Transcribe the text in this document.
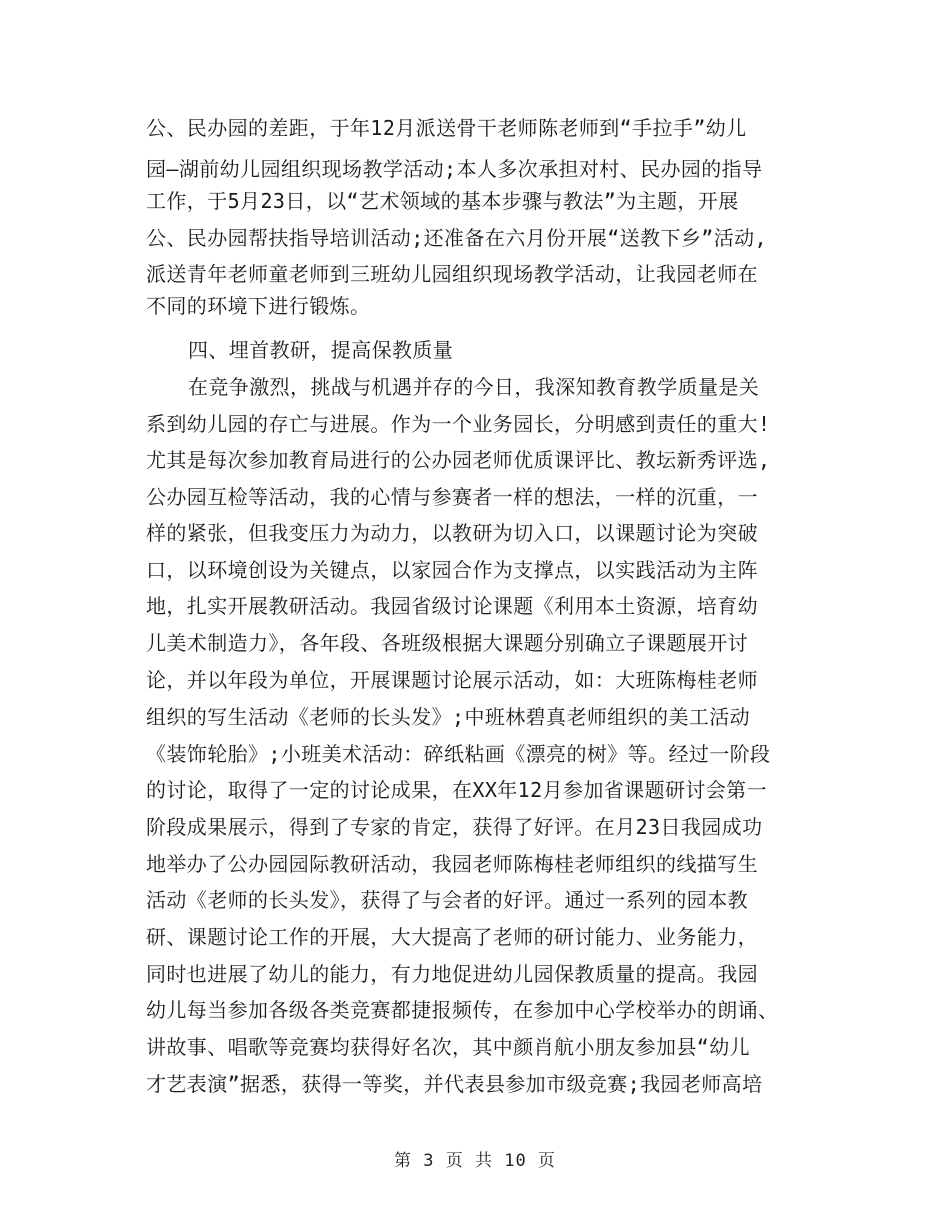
公、民办园的差距，于年12月派送骨干老师陈老师到“手拉手”幼儿
园—湖前幼儿园组织现场教学活动;本人多次承担对村、民办园的指导
工作，于5月23日，以“艺术领域的基本步骤与教法”为主题，开展
公、民办园帮扶指导培训活动;还准备在六月份开展“送教下乡”活动,
派送青年老师童老师到三班幼儿园组织现场教学活动，让我园老师在
不同的环境下进行锻炼。
四、埋首教研，提高保教质量
在竞争激烈，挑战与机遇并存的今日，我深知教育教学质量是关
系到幼儿园的存亡与进展。作为一个业务园长，分明感到责任的重大!
尤其是每次参加教育局进行的公办园老师优质课评比、教坛新秀评选,
公办园互检等活动，我的心情与参赛者一样的想法，一样的沉重，一
样的紧张，但我变压力为动力，以教研为切入口，以课题讨论为突破
口，以环境创设为关键点，以家园合作为支撑点，以实践活动为主阵
地，扎实开展教研活动。我园省级讨论课题《利用本土资源，培育幼
儿美术制造力》，各年段、各班级根据大课题分别确立子课题展开讨
论，并以年段为单位，开展课题讨论展示活动，如：大班陈梅桂老师
组织的写生活动《老师的长头发》;中班林碧真老师组织的美工活动
《装饰轮胎》;小班美术活动：碎纸粘画《漂亮的树》等。经过一阶段
的讨论，取得了一定的讨论成果，在XX年12月参加省课题研讨会第一
阶段成果展示，得到了专家的肯定，获得了好评。在月23日我园成功
地举办了公办园园际教研活动，我园老师陈梅桂老师组织的线描写生
活动《老师的长头发》，获得了与会者的好评。通过一系列的园本教
研、课题讨论工作的开展，大大提高了老师的研讨能力、业务能力，
同时也进展了幼儿的能力，有力地促进幼儿园保教质量的提高。我园
幼儿每当参加各级各类竞赛都捷报频传，在参加中心学校举办的朗诵、
讲故事、唱歌等竞赛均获得好名次，其中颜肖航小朋友参加县“幼儿
才艺表演”据悉，获得一等奖，并代表县参加市级竞赛;我园老师高培
第 3 页 共 10 页
